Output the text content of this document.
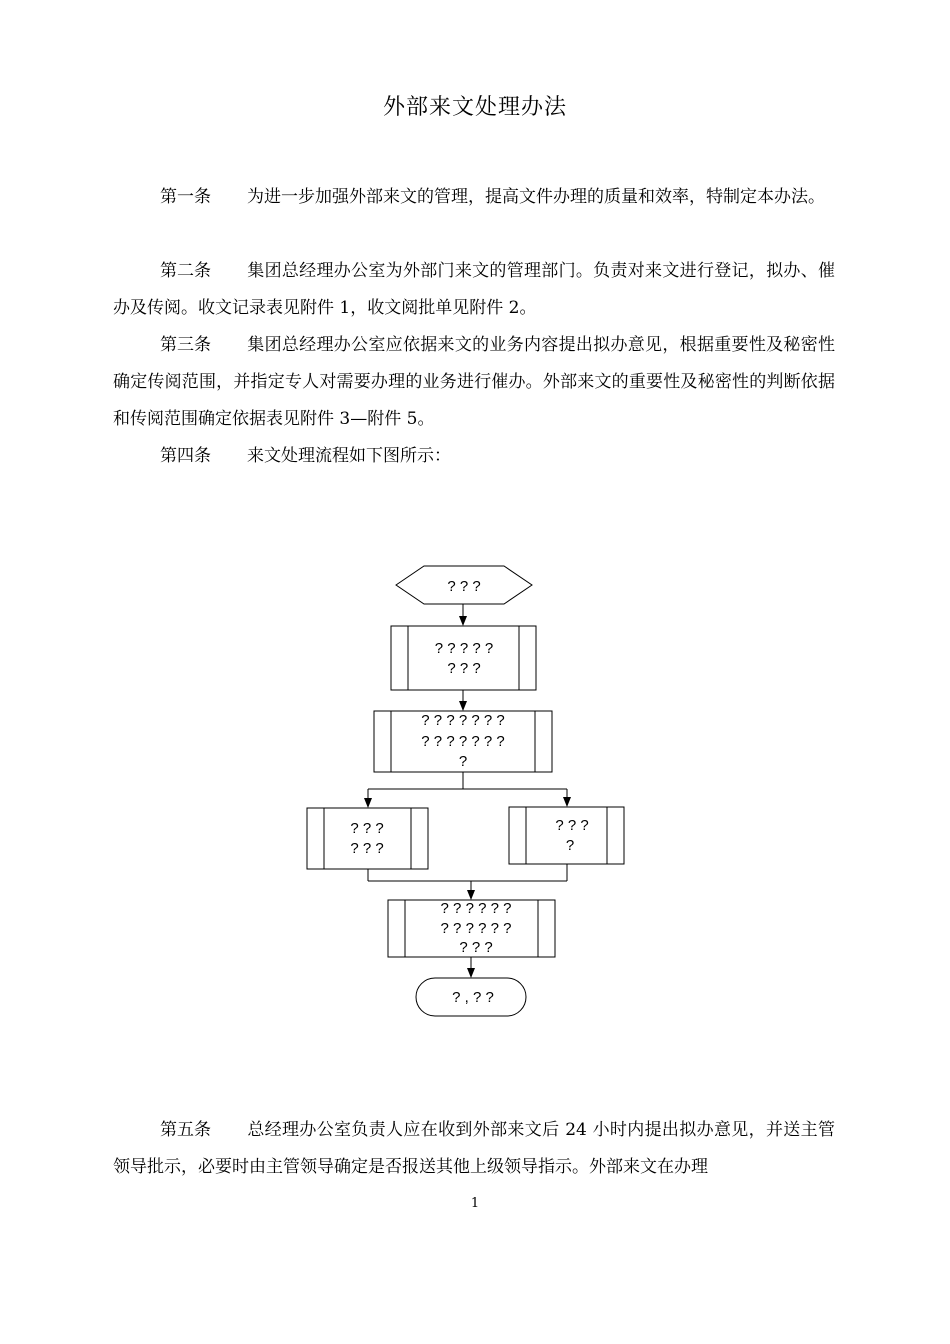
外部来文处理办法
第一条 为进一步加强外部来文的管理，提高文件办理的质量和效率，特制定本办法。
第二条 集团总经理办公室为外部门来文的管理部门。负责对来文进行登记，拟办、催办及传阅。收文记录表见附件 1，收文阅批单见附件 2。
第三条 集团总经理办公室应依据来文的业务内容提出拟办意见，根据重要性及秘密性确定传阅范围，并指定专人对需要办理的业务进行催办。外部来文的重要性及秘密性的判断依据和传阅范围确定依据表见附件 3—附件 5。
第四条 来文处理流程如下图所示：
? ? ?
? ? ? ? ?
? ? ?
? ? ? ? ? ? ?
? ? ? ? ? ? ?
?
? ? ?
? ? ?
? ? ?
?
? ? ? ? ? ?
? ? ? ? ? ?
? ? ?
? , ? ?
第五条 总经理办公室负责人应在收到外部来文后 24 小时内提出拟办意见，并送主管领导批示，必要时由主管领导确定是否报送其他上级领导指示。外部来文在办理
1
